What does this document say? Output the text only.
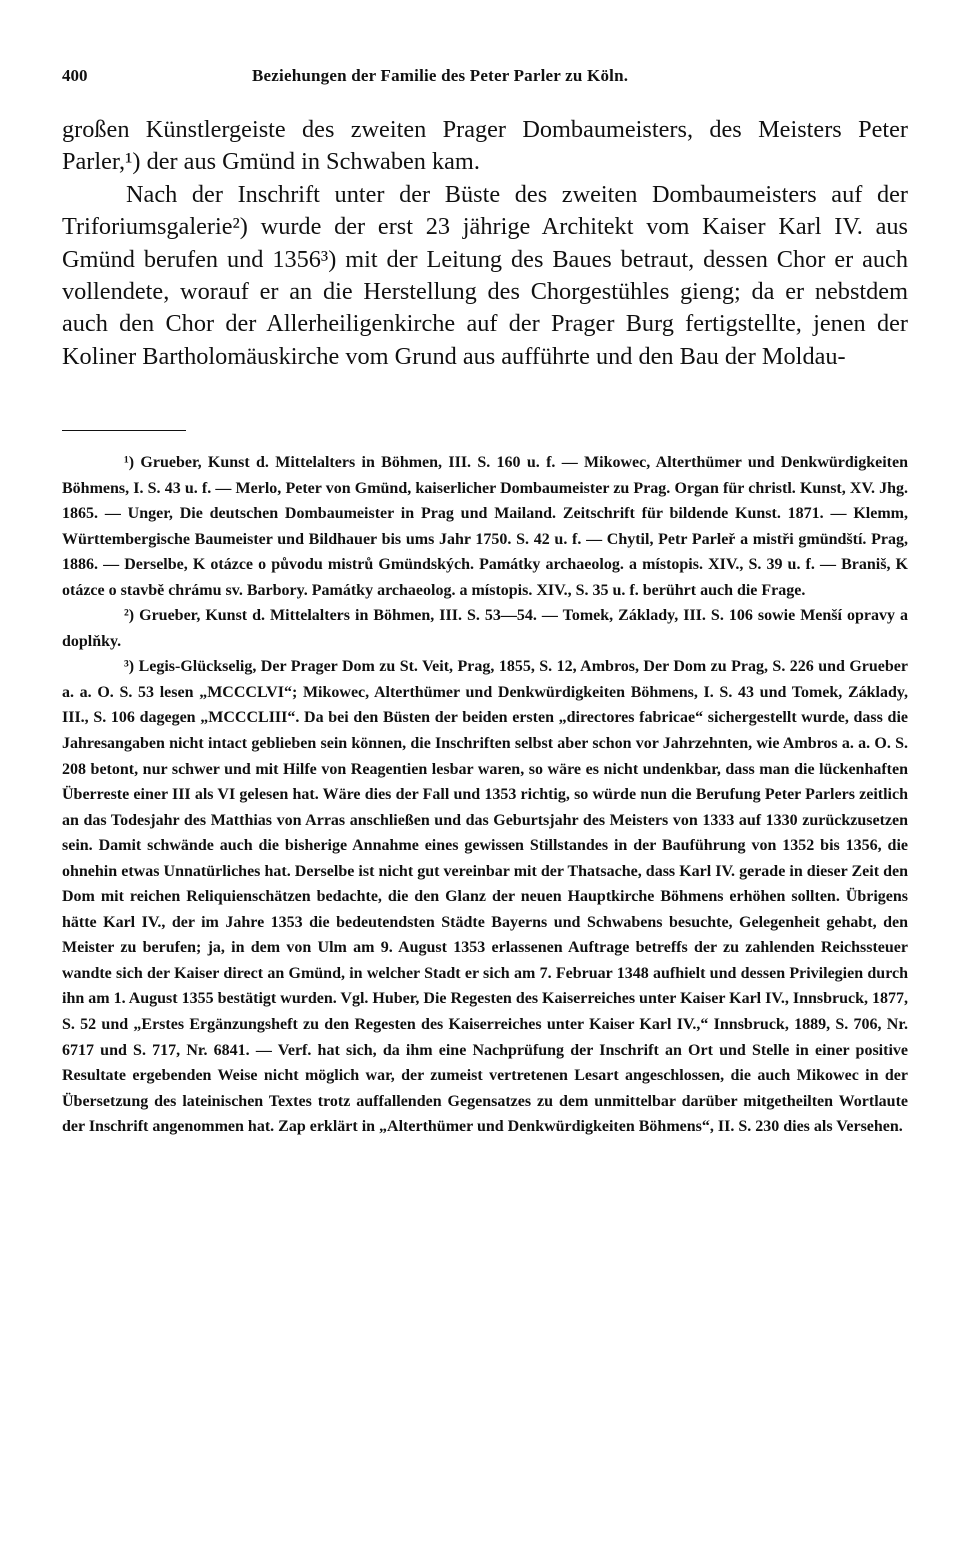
400	Beziehungen der Familie des Peter Parler zu Köln.

großen Künstlergeiste des zweiten Prager Dombaumeisters, des Meisters Peter Parler,¹) der aus Gmünd in Schwaben kam.

Nach der Inschrift unter der Büste des zweiten Dombaumeisters auf der Triforiumsgalerie²) wurde der erst 23 jährige Architekt vom Kaiser Karl IV. aus Gmünd berufen und 1356³) mit der Leitung des Baues betraut, dessen Chor er auch vollendete, worauf er an die Herstellung des Chorgestühles gieng; da er nebstdem auch den Chor der Allerheiligenkirche auf der Prager Burg fertigstellte, jenen der Koliner Bartholomäuskirche vom Grund aus aufführte und den Bau der Moldau-

¹) Grueber, Kunst d. Mittelalters in Böhmen, III. S. 160 u. f. — Mikowec, Alterthümer und Denkwürdigkeiten Böhmens, I. S. 43 u. f. — Merlo, Peter von Gmünd, kaiserlicher Dombaumeister zu Prag. Organ für christl. Kunst, XV. Jhg. 1865. — Unger, Die deutschen Dombaumeister in Prag und Mailand. Zeitschrift für bildende Kunst. 1871. — Klemm, Württembergische Baumeister und Bildhauer bis ums Jahr 1750. S. 42 u. f. — Chytil, Petr Parleř a mistři gmündští. Prag, 1886. — Derselbe, K otázce o původu mistrů Gmündských. Památky archaeolog. a místopis. XIV., S. 39 u. f. — Braniš, K otázce o stavbě chrámu sv. Barbory. Památky archaeolog. a místopis. XIV., S. 35 u. f. berührt auch die Frage.

²) Grueber, Kunst d. Mittelalters in Böhmen, III. S. 53—54. — Tomek, Základy, III. S. 106 sowie Menší opravy a doplňky.

³) Legis-Glückselig, Der Prager Dom zu St. Veit, Prag, 1855, S. 12, Ambros, Der Dom zu Prag, S. 226 und Grueber a. a. O. S. 53 lesen „MCCCLVI“; Mikowec, Alterthümer und Denkwürdigkeiten Böhmens, I. S. 43 und Tomek, Základy, III., S. 106 dagegen „MCCCLIII“. Da bei den Büsten der beiden ersten „directores fabricae“ sichergestellt wurde, dass die Jahresangaben nicht intact geblieben sein können, die Inschriften selbst aber schon vor Jahrzehnten, wie Ambros a. a. O. S. 208 betont, nur schwer und mit Hilfe von Reagentien lesbar waren, so wäre es nicht undenkbar, dass man die lückenhaften Überreste einer III als VI gelesen hat. Wäre dies der Fall und 1353 richtig, so würde nun die Berufung Peter Parlers zeitlich an das Todesjahr des Matthias von Arras anschließen und das Geburtsjahr des Meisters von 1333 auf 1330 zurückzusetzen sein. Damit schwände auch die bisherige Annahme eines gewissen Stillstandes in der Bauführung von 1352 bis 1356, die ohnehin etwas Unnatürliches hat. Derselbe ist nicht gut vereinbar mit der Thatsache, dass Karl IV. gerade in dieser Zeit den Dom mit reichen Reliquienschätzen bedachte, die den Glanz der neuen Hauptkirche Böhmens erhöhen sollten. Übrigens hätte Karl IV., der im Jahre 1353 die bedeutendsten Städte Bayerns und Schwabens besuchte, Gelegenheit gehabt, den Meister zu berufen; ja, in dem von Ulm am 9. August 1353 erlassenen Auftrage betreffs der zu zahlenden Reichssteuer wandte sich der Kaiser direct an Gmünd, in welcher Stadt er sich am 7. Februar 1348 aufhielt und dessen Privilegien durch ihn am 1. August 1355 bestätigt wurden. Vgl. Huber, Die Regesten des Kaiserreiches unter Kaiser Karl IV., Innsbruck, 1877, S. 52 und „Erstes Ergänzungsheft zu den Regesten des Kaiserreiches unter Kaiser Karl IV.,“ Innsbruck, 1889, S. 706, Nr. 6717 und S. 717, Nr. 6841. — Verf. hat sich, da ihm eine Nachprüfung der Inschrift an Ort und Stelle in einer positive Resultate ergebenden Weise nicht möglich war, der zumeist vertretenen Lesart angeschlossen, die auch Mikowec in der Übersetzung des lateinischen Textes trotz auffallenden Gegensatzes zu dem unmittelbar darüber mitgetheilten Wortlaute der Inschrift angenommen hat. Zap erklärt in „Alterthümer und Denkwürdigkeiten Böhmens“, II. S. 230 dies als Versehen.
